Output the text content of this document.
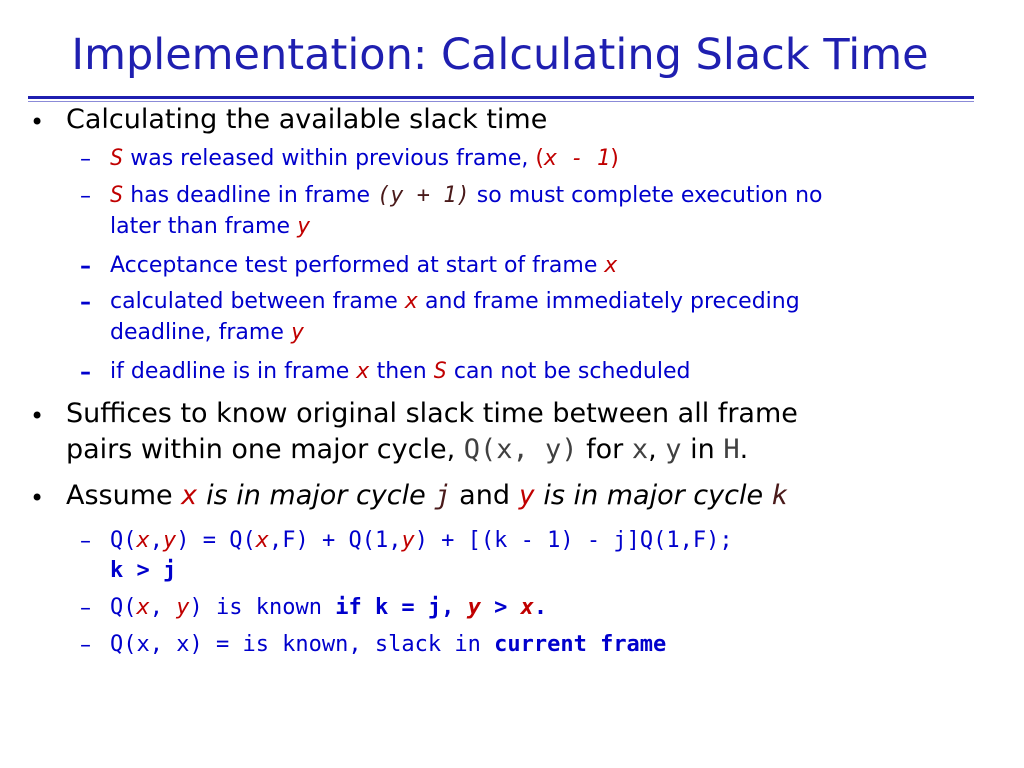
Implementation: Calculating Slack Time
• Calculating the available slack time
– S was released within previous frame, (x - 1)
– S has deadline in frame (y + 1) so must complete execution no
later than frame y
– Acceptance test performed at start of frame x
– calculated between frame x and frame immediately preceding
deadline, frame y
– if deadline is in frame x then S can not be scheduled
• Suffices to know original slack time between all frame
pairs within one major cycle, Q(x, y) for x, y in H.
• Assume x is in major cycle j and y is in major cycle k
– Q(x,y) = Q(x,F) + Q(1,y) + [(k - 1) - j]Q(1,F);
k > j
– Q(x, y) is known if k = j, y > x.
– Q(x, x) = is known, slack in current frame
